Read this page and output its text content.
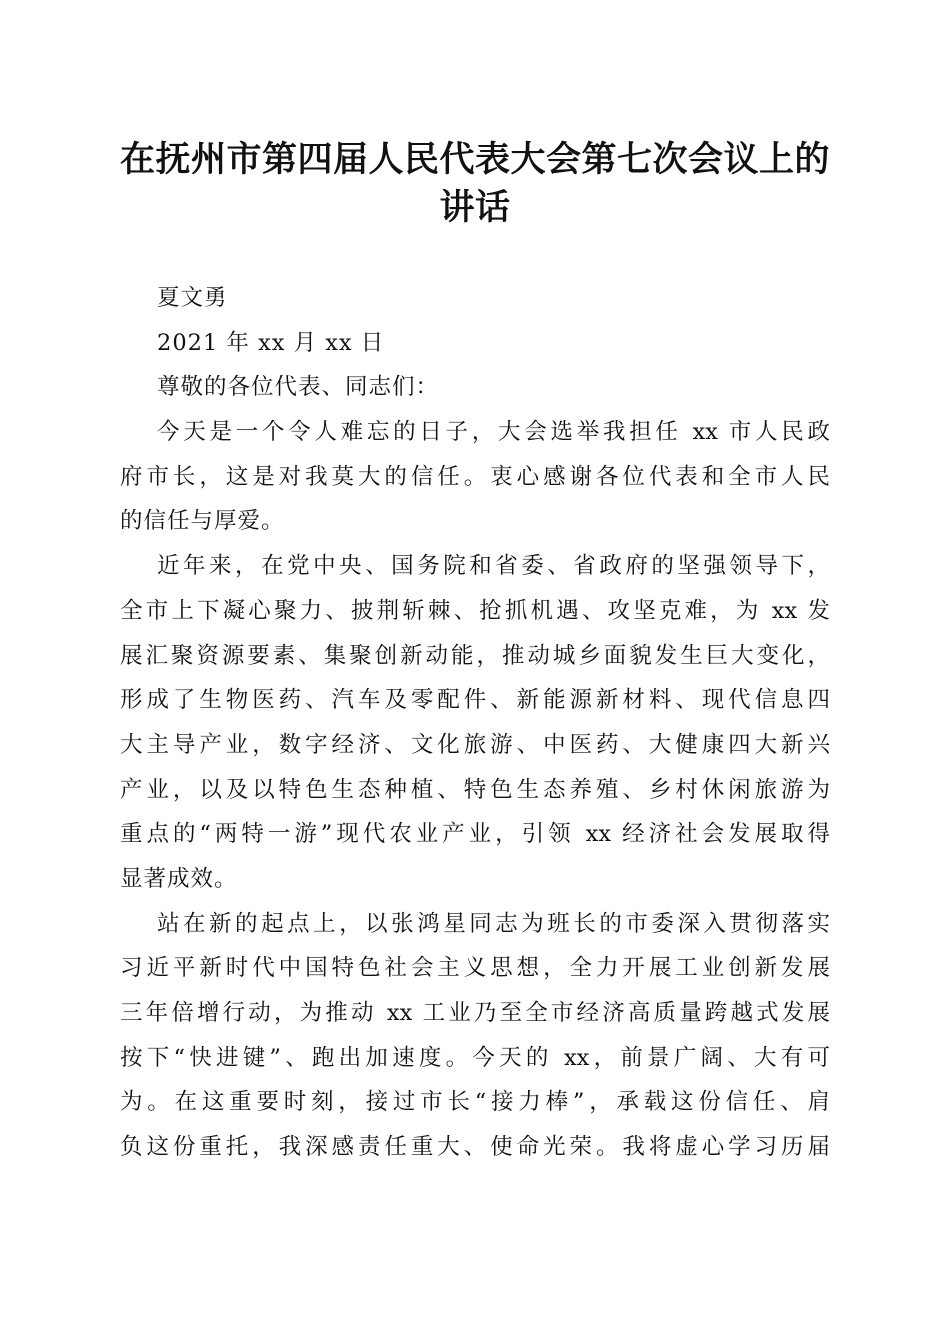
在抚州市第四届人民代表大会第七次会议上的
讲话
夏文勇
2021 年 xx 月 xx 日
尊敬的各位代表、同志们：
今天是一个令人难忘的日子，大会选举我担任 xx 市人民政
府市长，这是对我莫大的信任。衷心感谢各位代表和全市人民
的信任与厚爱。
近年来，在党中央、国务院和省委、省政府的坚强领导下，
全市上下凝心聚力、披荆斩棘、抢抓机遇、攻坚克难，为 xx 发
展汇聚资源要素、集聚创新动能，推动城乡面貌发生巨大变化，
形成了生物医药、汽车及零配件、新能源新材料、现代信息四
大主导产业，数字经济、文化旅游、中医药、大健康四大新兴
产业，以及以特色生态种植、特色生态养殖、乡村休闲旅游为
重点的“两特一游”现代农业产业，引领 xx 经济社会发展取得
显著成效。
站在新的起点上，以张鸿星同志为班长的市委深入贯彻落实
习近平新时代中国特色社会主义思想，全力开展工业创新发展
三年倍增行动，为推动 xx 工业乃至全市经济高质量跨越式发展
按下“快进键”、跑出加速度。今天的 xx，前景广阔、大有可
为。在这重要时刻，接过市长“接力棒”，承载这份信任、肩
负这份重托，我深感责任重大、使命光荣。我将虚心学习历届
